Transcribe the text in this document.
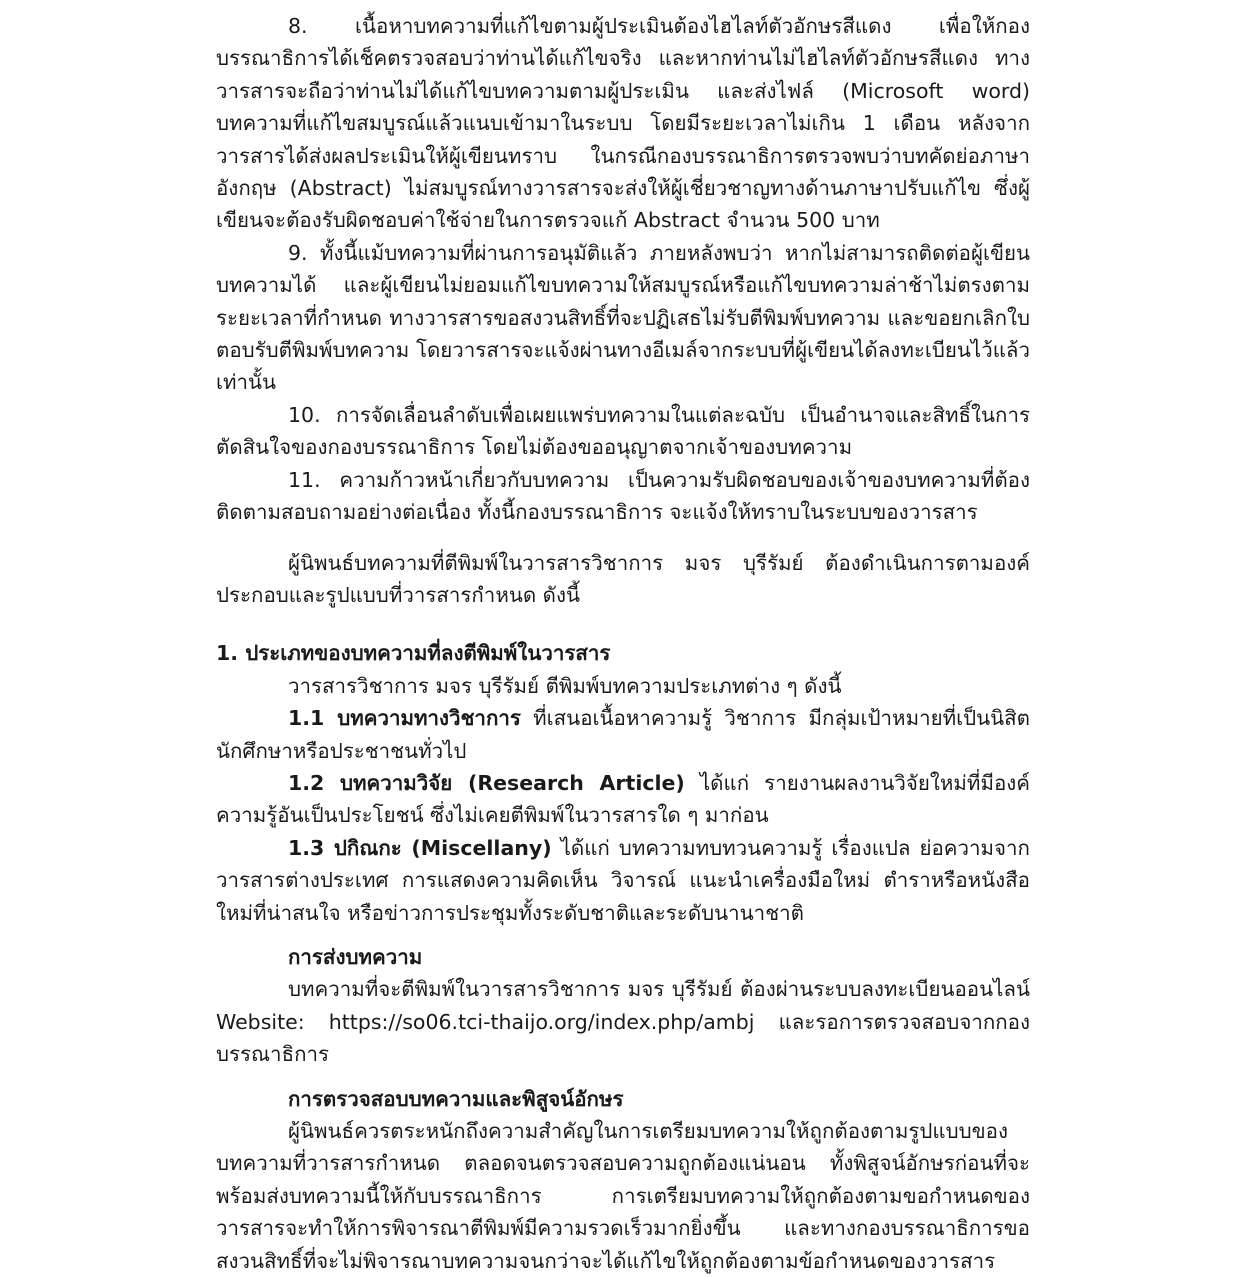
8. เนื้อหาบทความที่แก้ไขตามผู้ประเมินต้องไฮไลท์ตัวอักษรสีแดง เพื่อให้กองบรรณาธิการได้เช็คตรวจสอบว่าท่านได้แก้ไขจริง และหากท่านไม่ไฮไลท์ตัวอักษรสีแดง ทางวารสารจะถือว่าท่านไม่ได้แก้ไขบทความตามผู้ประเมิน และส่งไฟล์ (Microsoft word) บทความที่แก้ไขสมบูรณ์แล้วแนบเข้ามาในระบบ โดยมีระยะเวลาไม่เกิน 1 เดือน หลังจากวารสารได้ส่งผลประเมินให้ผู้เขียนทราบ ในกรณีกองบรรณาธิการตรวจพบว่าบทคัดย่อภาษาอังกฤษ (Abstract) ไม่สมบูรณ์ทางวารสารจะส่งให้ผู้เชี่ยวชาญทางด้านภาษาปรับแก้ไข ซึ่งผู้เขียนจะต้องรับผิดชอบค่าใช้จ่ายในการตรวจแก้ Abstract จำนวน 500 บาท

9. ทั้งนี้แม้บทความที่ผ่านการอนุมัติแล้ว ภายหลังพบว่า หากไม่สามารถติดต่อผู้เขียนบทความได้ และผู้เขียนไม่ยอมแก้ไขบทความให้สมบูรณ์หรือแก้ไขบทความล่าช้าไม่ตรงตามระยะเวลาที่กำหนด ทางวารสารขอสงวนสิทธิ์ที่จะปฏิเสธไม่รับตีพิมพ์บทความ และขอยกเลิกใบตอบรับตีพิมพ์บทความ โดยวารสารจะแจ้งผ่านทางอีเมล์จากระบบที่ผู้เขียนได้ลงทะเบียนไว้แล้วเท่านั้น

10. การจัดเลื่อนลำดับเพื่อเผยแพร่บทความในแต่ละฉบับ เป็นอำนาจและสิทธิ์ในการตัดสินใจของกองบรรณาธิการ โดยไม่ต้องขออนุญาตจากเจ้าของบทความ

11. ความก้าวหน้าเกี่ยวกับบทความ เป็นความรับผิดชอบของเจ้าของบทความที่ต้องติดตามสอบถามอย่างต่อเนื่อง ทั้งนี้กองบรรณาธิการ จะแจ้งให้ทราบในระบบของวารสาร

ผู้นิพนธ์บทความที่ตีพิมพ์ในวารสารวิชาการ มจร บุรีรัมย์ ต้องดำเนินการตามองค์ประกอบและรูปแบบที่วารสารกำหนด ดังนี้

1. ประเภทของบทความที่ลงตีพิมพ์ในวารสาร

วารสารวิชาการ มจร บุรีรัมย์ ตีพิมพ์บทความประเภทต่าง ๆ ดังนี้

1.1 บทความทางวิชาการ ที่เสนอเนื้อหาความรู้ วิชาการ มีกลุ่มเป้าหมายที่เป็นนิสิตนักศึกษาหรือประชาชนทั่วไป

1.2 บทความวิจัย (Research Article) ได้แก่ รายงานผลงานวิจัยใหม่ที่มีองค์ความรู้อันเป็นประโยชน์ ซึ่งไม่เคยตีพิมพ์ในวารสารใด ๆ มาก่อน

1.3 ปกิณกะ (Miscellany) ได้แก่ บทความทบทวนความรู้ เรื่องแปล ย่อความจากวารสารต่างประเทศ การแสดงความคิดเห็น วิจารณ์ แนะนำเครื่องมือใหม่ ตำราหรือหนังสือใหม่ที่น่าสนใจ หรือข่าวการประชุมทั้งระดับชาติและระดับนานาชาติ

การส่งบทความ

บทความที่จะตีพิมพ์ในวารสารวิชาการ มจร บุรีรัมย์ ต้องผ่านระบบลงทะเบียนออนไลน์ Website: https://so06.tci-thaijo.org/index.php/ambj และรอการตรวจสอบจากกองบรรณาธิการ

การตรวจสอบบทความและพิสูจน์อักษร

ผู้นิพนธ์ควรตระหนักถึงความสำคัญในการเตรียมบทความให้ถูกต้องตามรูปแบบของบทความที่วารสารกำหนด ตลอดจนตรวจสอบความถูกต้องแน่นอน ทั้งพิสูจน์อักษรก่อนที่จะพร้อมส่งบทความนี้ให้กับบรรณาธิการ การเตรียมบทความให้ถูกต้องตามขอกำหนดของวารสารจะทำให้การพิจารณาตีพิมพ์มีความรวดเร็วมากยิ่งขึ้น และทางกองบรรณาธิการขอสงวนสิทธิ์ที่จะไม่พิจารณาบทความจนกว่าจะได้แก้ไขให้ถูกต้องตามข้อกำหนดของวารสาร
